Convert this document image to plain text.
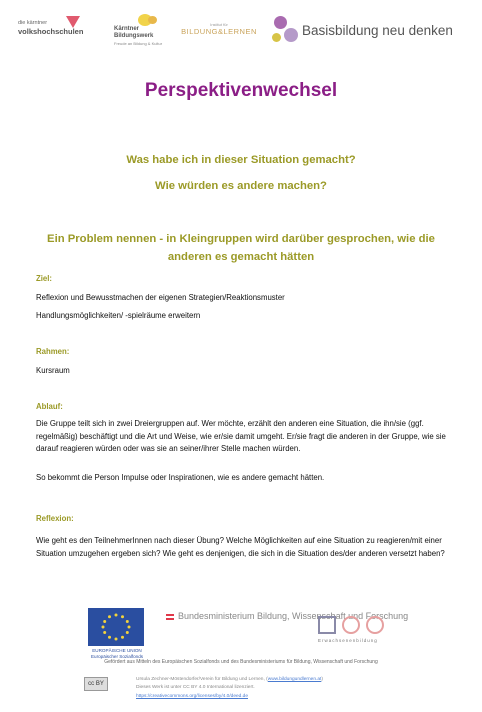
die kärntner
volkshochschulen	Kärntner
Bildungswerk
Freude an Bildung & Kultur
Institut für
BILDUNG&LERNEN	Basisbildung neu denken
Perspektivenwechsel
Was habe ich in dieser Situation gemacht?
Wie würden es andere machen?
Ein Problem nennen - in Kleingruppen wird darüber gesprochen, wie die anderen es gemacht hätten
Ziel:
Reflexion und Bewusstmachen der eigenen Strategien/Reaktionsmuster
Handlungsmöglichkeiten/ -spielräume erweitern
Rahmen:
Kursraum
Ablauf:
Die Gruppe teilt sich in zwei Dreiergruppen auf. Wer möchte, erzählt den anderen eine Situation, die ihn/sie (ggf. regelmäßig) beschäftigt und die Art und Weise, wie er/sie damit umgeht. Er/sie fragt die anderen in der Gruppe, wie sie darauf reagieren würden oder was sie an seiner/ihrer Stelle machen würden.
So bekommt die Person Impulse oder Inspirationen, wie es andere gemacht hätten.
Reflexion:
Wie geht es den TeilnehmerInnen nach dieser Übung? Welche Möglichkeiten auf eine Situation zu reagieren/mit einer Situation umzugehen ergeben sich? Wie geht es denjenigen, die sich in die Situation des/der anderen versetzt haben?
EUROPÄISCHE UNION Europäischer Sozialfonds
Bundesministerium Bildung, Wissenschaft und Forschung
Erwachsenenbildung
Gefördert aus Mitteln des Europäischen Sozialfonds und des Bundesministeriums für Bildung, Wissenschaft und Forschung
cc BY
Ursula Zechner-Möstendorfer/Verein für Bildung und Lernen, (www.bildungundlernen.at)
Dieses Werk ist unter CC BY 4.0 International lizenziert.
https://creativecommons.org/licenses/by/4.0/deed.de
